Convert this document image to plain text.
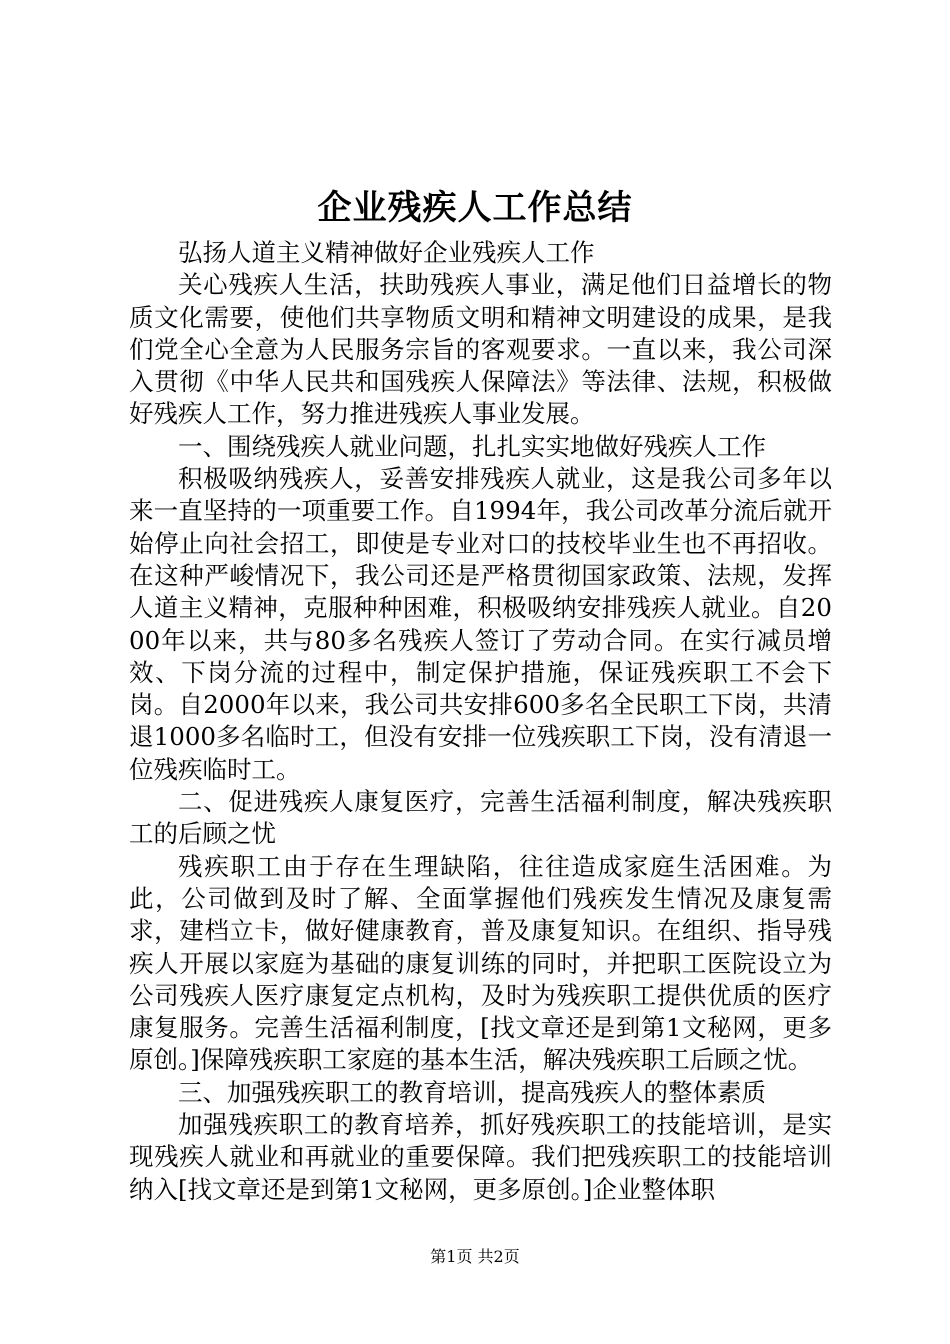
企业残疾人工作总结

弘扬人道主义精神做好企业残疾人工作

关心残疾人生活，扶助残疾人事业，满足他们日益增长的物质文化需要，使他们共享物质文明和精神文明建设的成果，是我们党全心全意为人民服务宗旨的客观要求。一直以来，我公司深入贯彻《中华人民共和国残疾人保障法》等法律、法规，积极做好残疾人工作，努力推进残疾人事业发展。

一、围绕残疾人就业问题，扎扎实实地做好残疾人工作

积极吸纳残疾人，妥善安排残疾人就业，这是我公司多年以来一直坚持的一项重要工作。自1994年，我公司改革分流后就开始停止向社会招工，即使是专业对口的技校毕业生也不再招收。在这种严峻情况下，我公司还是严格贯彻国家政策、法规，发挥人道主义精神，克服种种困难，积极吸纳安排残疾人就业。自2000年以来，共与80多名残疾人签订了劳动合同。在实行减员增效、下岗分流的过程中，制定保护措施，保证残疾职工不会下岗。自2000年以来，我公司共安排600多名全民职工下岗，共清退1000多名临时工，但没有安排一位残疾职工下岗，没有清退一位残疾临时工。

二、促进残疾人康复医疗，完善生活福利制度，解决残疾职工的后顾之忧

残疾职工由于存在生理缺陷，往往造成家庭生活困难。为此，公司做到及时了解、全面掌握他们残疾发生情况及康复需求，建档立卡，做好健康教育，普及康复知识。在组织、指导残疾人开展以家庭为基础的康复训练的同时，并把职工医院设立为公司残疾人医疗康复定点机构，及时为残疾职工提供优质的医疗康复服务。完善生活福利制度，[找文章还是到第1文秘网，更多原创。]保障残疾职工家庭的基本生活，解决残疾职工后顾之忧。

三、加强残疾职工的教育培训，提高残疾人的整体素质

加强残疾职工的教育培养，抓好残疾职工的技能培训，是实现残疾人就业和再就业的重要保障。我们把残疾职工的技能培训纳入[找文章还是到第1文秘网，更多原创。]企业整体职

第1页 共2页
